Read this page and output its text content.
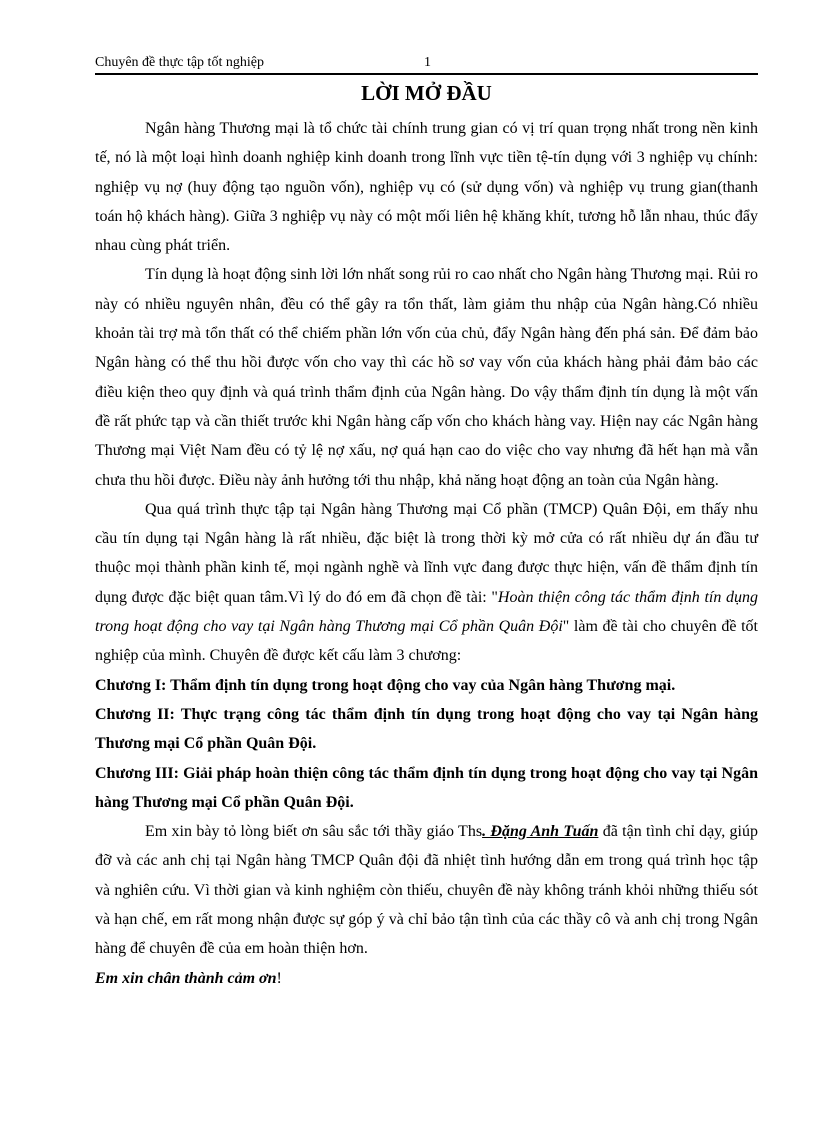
Chuyên đề thực tập tốt nghiệp	1
LỜI MỞ ĐẦU

Ngân hàng Thương mại là tổ chức tài chính trung gian có vị trí quan trọng nhất trong nền kinh tế, nó là một loại hình doanh nghiệp kinh doanh trong lĩnh vực tiền tệ-tín dụng với 3 nghiệp vụ chính: nghiệp vụ nợ (huy động tạo nguồn vốn), nghiệp vụ có (sử dụng vốn) và nghiệp vụ trung gian(thanh toán hộ khách hàng). Giữa 3 nghiệp vụ này có một mối liên hệ khăng khít, tương hỗ lẫn nhau, thúc đẩy nhau cùng phát triển.

Tín dụng là hoạt động sinh lời lớn nhất song rủi ro cao nhất cho Ngân hàng Thương mại. Rủi ro này có nhiều nguyên nhân, đều có thể gây ra tổn thất, làm giảm thu nhập của Ngân hàng.Có nhiều khoản tài trợ mà tổn thất có thể chiếm phần lớn vốn của chủ, đẩy Ngân hàng đến phá sản. Để đảm bảo Ngân hàng có thể thu hồi được vốn cho vay thì các hồ sơ vay vốn của khách hàng phải đảm bảo các điều kiện theo quy định và quá trình thẩm định của Ngân hàng. Do vậy thẩm định tín dụng là một vấn đề rất phức tạp và cần thiết trước khi Ngân hàng cấp vốn cho khách hàng vay. Hiện nay các Ngân hàng Thương mại Việt Nam đều có tỷ lệ nợ xấu, nợ quá hạn cao do việc cho vay nhưng đã hết hạn mà vẫn chưa thu hồi được. Điều này ảnh hưởng tới thu nhập, khả năng hoạt động an toàn của Ngân hàng.

Qua quá trình thực tập tại Ngân hàng Thương mại Cổ phần (TMCP) Quân Đội, em thấy nhu cầu tín dụng tại Ngân hàng là rất nhiều, đặc biệt là trong thời kỳ mở cửa có rất nhiều dự án đầu tư thuộc mọi thành phần kinh tế, mọi ngành nghề và lĩnh vực đang được thực hiện, vấn đề thẩm định tín dụng được đặc biệt quan tâm.Vì lý do đó em đã chọn đề tài: "Hoàn thiện công tác thẩm định tín dụng trong hoạt động cho vay tại Ngân hàng Thương mại Cổ phần Quân Đội" làm đề tài cho chuyên đề tốt nghiệp của mình. Chuyên đề được kết cấu làm 3 chương:

Chương I: Thẩm định tín dụng trong hoạt động cho vay của Ngân hàng Thương mại.

Chương II: Thực trạng công tác thẩm định tín dụng trong hoạt động cho vay tại Ngân hàng Thương mại Cổ phần Quân Đội.

Chương III: Giải pháp hoàn thiện công tác thẩm định tín dụng trong hoạt động cho vay tại Ngân hàng Thương mại Cổ phần Quân Đội.

Em xin bày tỏ lòng biết ơn sâu sắc tới thầy giáo Ths. Đặng Anh Tuấn đã tận tình chỉ dạy, giúp đỡ và các anh chị tại Ngân hàng TMCP Quân đội đã nhiệt tình hướng dẫn em trong quá trình học tập và nghiên cứu. Vì thời gian và kinh nghiệm còn thiếu, chuyên đề này không tránh khỏi những thiếu sót và hạn chế, em rất mong nhận được sự góp ý và chỉ bảo tận tình của các thầy cô và anh chị trong Ngân hàng để chuyên đề của em hoàn thiện hơn.

Em xin chân thành cảm ơn!
